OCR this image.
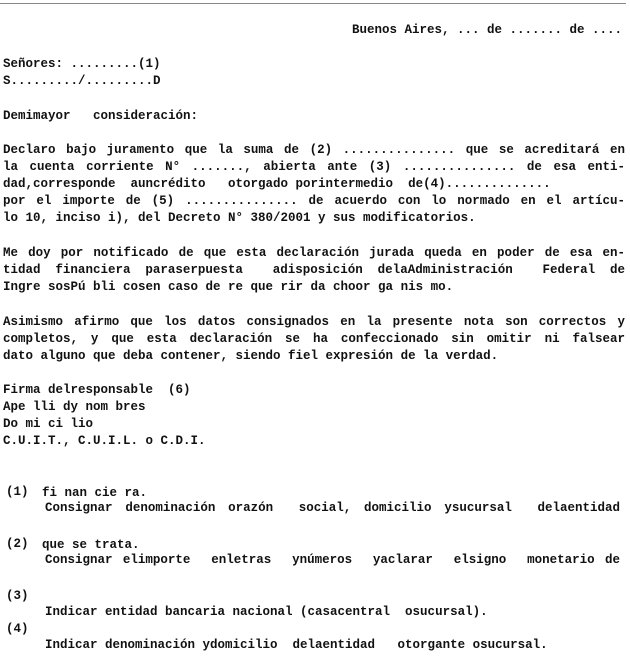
Buenos Aires, ... de ....... de ....
Señores: .........(1)
S........./.........D
Demimayor   consideración:
Declaro bajo juramento que la suma de (2) ............... que se acreditará en
la cuenta corriente N° ......., abierta ante (3) ............... de esa enti-
dad,corresponde  auncrédito   otorgado porintermedio  de(4)..............
por el importe de (5) ............... de acuerdo con lo normado en el artícu-
lo 10, inciso i), del Decreto N° 380/2001 y sus modificatorios.
Me doy por notificado de que esta declaración jurada queda en poder de esa en-
tidad financiera paraserpuesta  adisposición delaAdministración  Federal de
Ingre sosPú bli cosen caso de re que rir da choor ga nis mo.
Asimismo afirmo que los datos consignados en la presente nota son correctos y
completos, y que esta declaración se ha confeccionado sin omitir ni falsear
dato alguno que deba contener, siendo fiel expresión de la verdad.
Firma delresponsable  (6)
Ape lli dy nom bres
Do mi ci lio
C.U.I.T., C.U.I.L. o C.D.I.

(1)

Consignar denominación orazón  social, domicilio ysucursal  delaentidad

fi nan cie ra.

(2)

Consignar elimporte  enletras  ynúmeros  yaclarar  elsigno  monetario de

que se trata.

(3)

Indicar entidad bancaria nacional (casacentral  osucursal).

(4)

Indicar denominación ydomicilio  delaentidad   otorgante osucursal.
